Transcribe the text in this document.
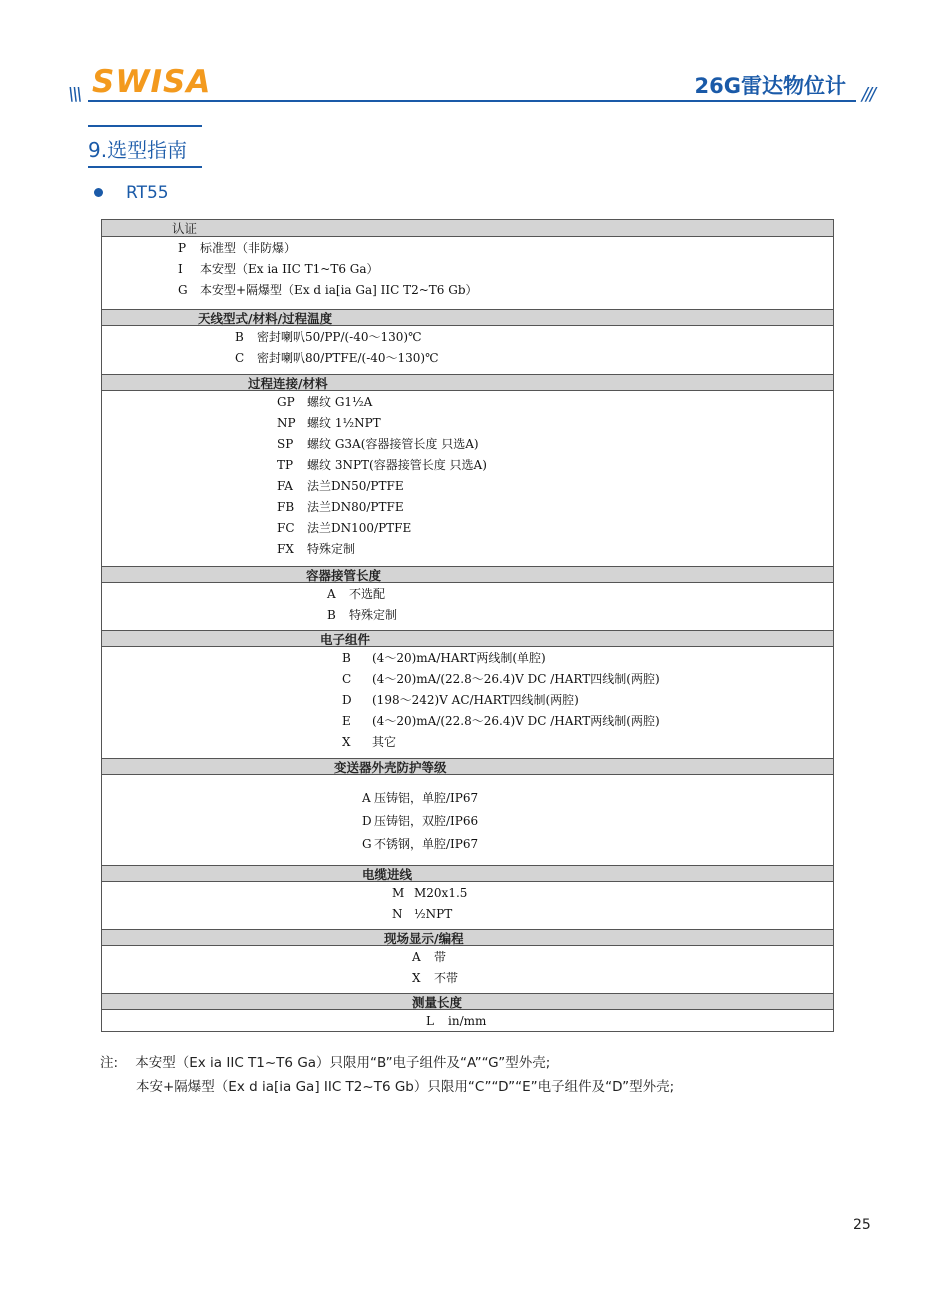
\\\ SWISA	26G雷达物位计 ///
9.选型指南
RT55
认证
P 标准型（非防爆）
I 本安型（Ex ia IIC T1~T6 Ga）
G 本安型+隔爆型（Ex d ia[ia Ga] IIC T2~T6 Gb）
天线型式/材料/过程温度
B 密封喇叭50/PP/(-40～130)℃
C 密封喇叭80/PTFE/(-40～130)℃
过程连接/材料
GP 螺纹 G1½A
NP 螺纹 1½NPT
SP 螺纹 G3A(容器接管长度 只选A)
TP 螺纹 3NPT(容器接管长度 只选A)
FA 法兰DN50/PTFE
FB 法兰DN80/PTFE
FC 法兰DN100/PTFE
FX 特殊定制
容器接管长度
A 不选配
B 特殊定制
电子组件
B (4～20)mA/HART两线制(单腔)
C (4～20)mA/(22.8～26.4)V DC /HART四线制(两腔)
D (198～242)V AC/HART四线制(两腔)
E (4～20)mA/(22.8～26.4)V DC /HART两线制(两腔)
X 其它
变送器外壳防护等级
A 压铸铝，单腔/IP67
D 压铸铝，双腔/IP66
G 不锈钢，单腔/IP67
电缆进线
M M20x1.5
N ½NPT
现场显示/编程
A 带
X 不带
测量长度
L in/mm
注: 本安型（Ex ia IIC T1~T6 Ga）只限用“B”电子组件及“A”“G”型外壳;
本安+隔爆型（Ex d ia[ia Ga] IIC T2~T6 Gb）只限用“C”“D”“E”电子组件及“D”型外壳;
25
